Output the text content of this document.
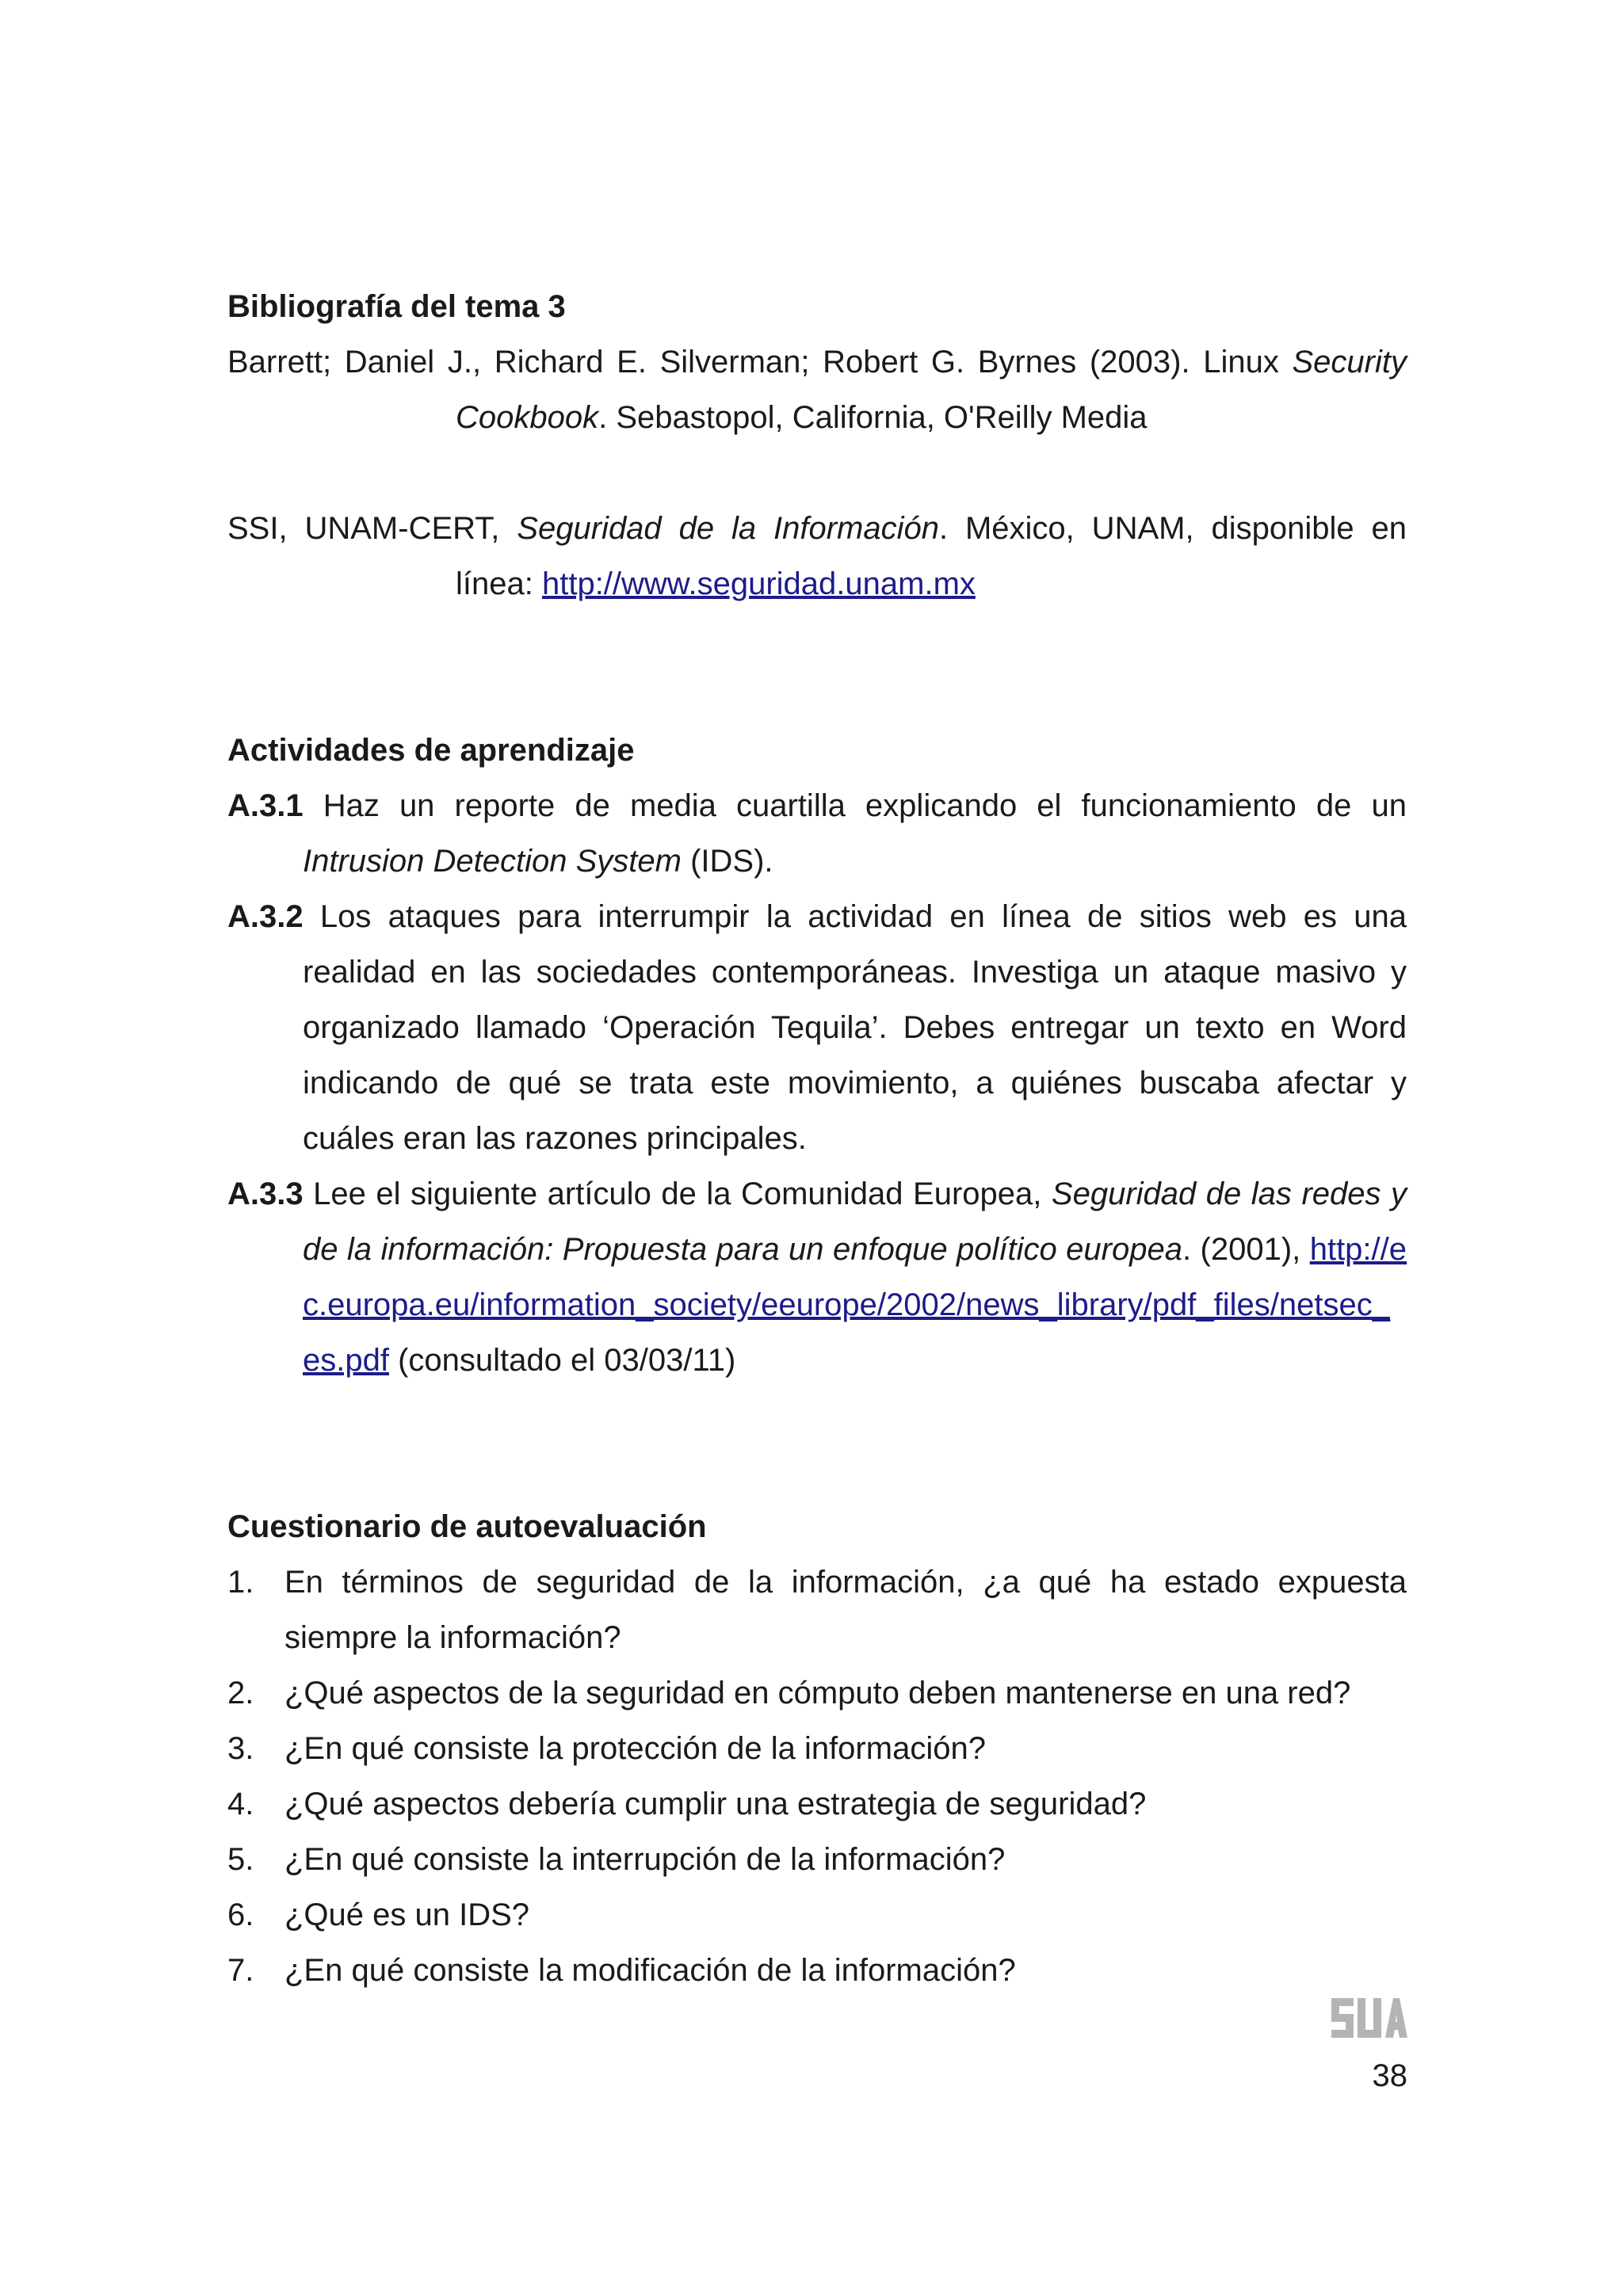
Bibliografía del tema 3

Barrett; Daniel J., Richard E. Silverman; Robert G. Byrnes (2003). Linux Security Cookbook. Sebastopol, California, O'Reilly Media

SSI, UNAM-CERT, Seguridad de la Información. México, UNAM, disponible en línea: http://www.seguridad.unam.mx

Actividades de aprendizaje

A.3.1 Haz un reporte de media cuartilla explicando el funcionamiento de un Intrusion Detection System (IDS).

A.3.2 Los ataques para interrumpir la actividad en línea de sitios web es una realidad en las sociedades contemporáneas. Investiga un ataque masivo y organizado llamado ‘Operación Tequila’. Debes entregar un texto en Word indicando de qué se trata este movimiento, a quiénes buscaba afectar y cuáles eran las razones principales.

A.3.3 Lee el siguiente artículo de la Comunidad Europea, Seguridad de las redes y de la información: Propuesta para un enfoque político europea. (2001), http://ec.europa.eu/information_society/eeurope/2002/news_library/pdf_files/netsec_es.pdf (consultado el 03/03/11)

Cuestionario de autoevaluación
1. En términos de seguridad de la información, ¿a qué ha estado expuesta siempre la información?
2. ¿Qué aspectos de la seguridad en cómputo deben mantenerse en una red?
3. ¿En qué consiste la protección de la información?
4. ¿Qué aspectos debería cumplir una estrategia de seguridad?
5. ¿En qué consiste la interrupción de la información?
6. ¿Qué es un IDS?
7. ¿En qué consiste la modificación de la información?
38
